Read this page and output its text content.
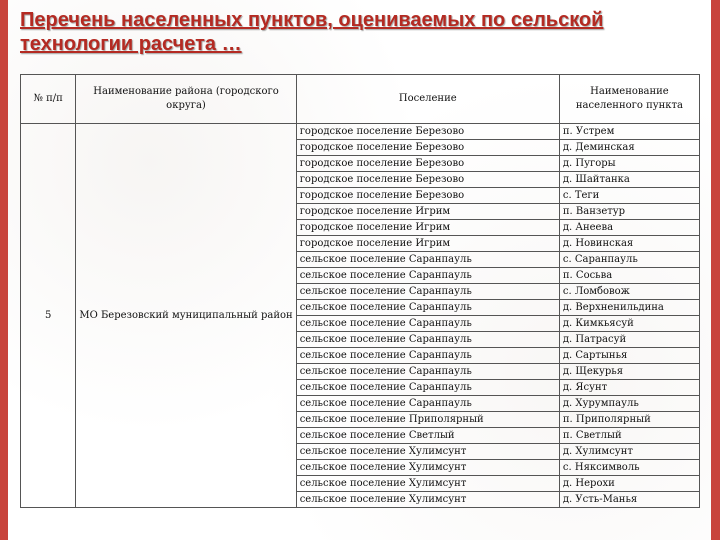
Перечень населенных пунктов, оцениваемых по сельской технологии расчета …
№ п/п	Наименование района (городского округа)	Поселение	Наименование населенного пункта
5	МО Березовский муниципальный район	городское поселение Березово	п. Устрем
		городское поселение Березово	д. Деминская
		городское поселение Березово	д. Пугоры
		городское поселение Березово	д. Шайтанка
		городское поселение Березово	с. Теги
		городское поселение Игрим	п. Ванзетур
		городское поселение Игрим	д. Анеева
		городское поселение Игрим	д. Новинская
		сельское поселение Саранпауль	с. Саранпауль
		сельское поселение Саранпауль	п. Сосьва
		сельское поселение Саранпауль	с. Ломбовож
		сельское поселение Саранпауль	д. Верхненильдина
		сельское поселение Саранпауль	д. Кимкьясуй
		сельское поселение Саранпауль	д. Патрасуй
		сельское поселение Саранпауль	д. Сартынья
		сельское поселение Саранпауль	д. Щекурья
		сельское поселение Саранпауль	д. Ясунт
		сельское поселение Саранпауль	д. Хурумпауль
		сельское поселение Приполярный	п. Приполярный
		сельское поселение Светлый	п. Светлый
		сельское поселение Хулимсунт	д. Хулимсунт
		сельское поселение Хулимсунт	с. Няксимволь
		сельское поселение Хулимсунт	д. Нерохи
		сельское поселение Хулимсунт	д. Усть-Манья
